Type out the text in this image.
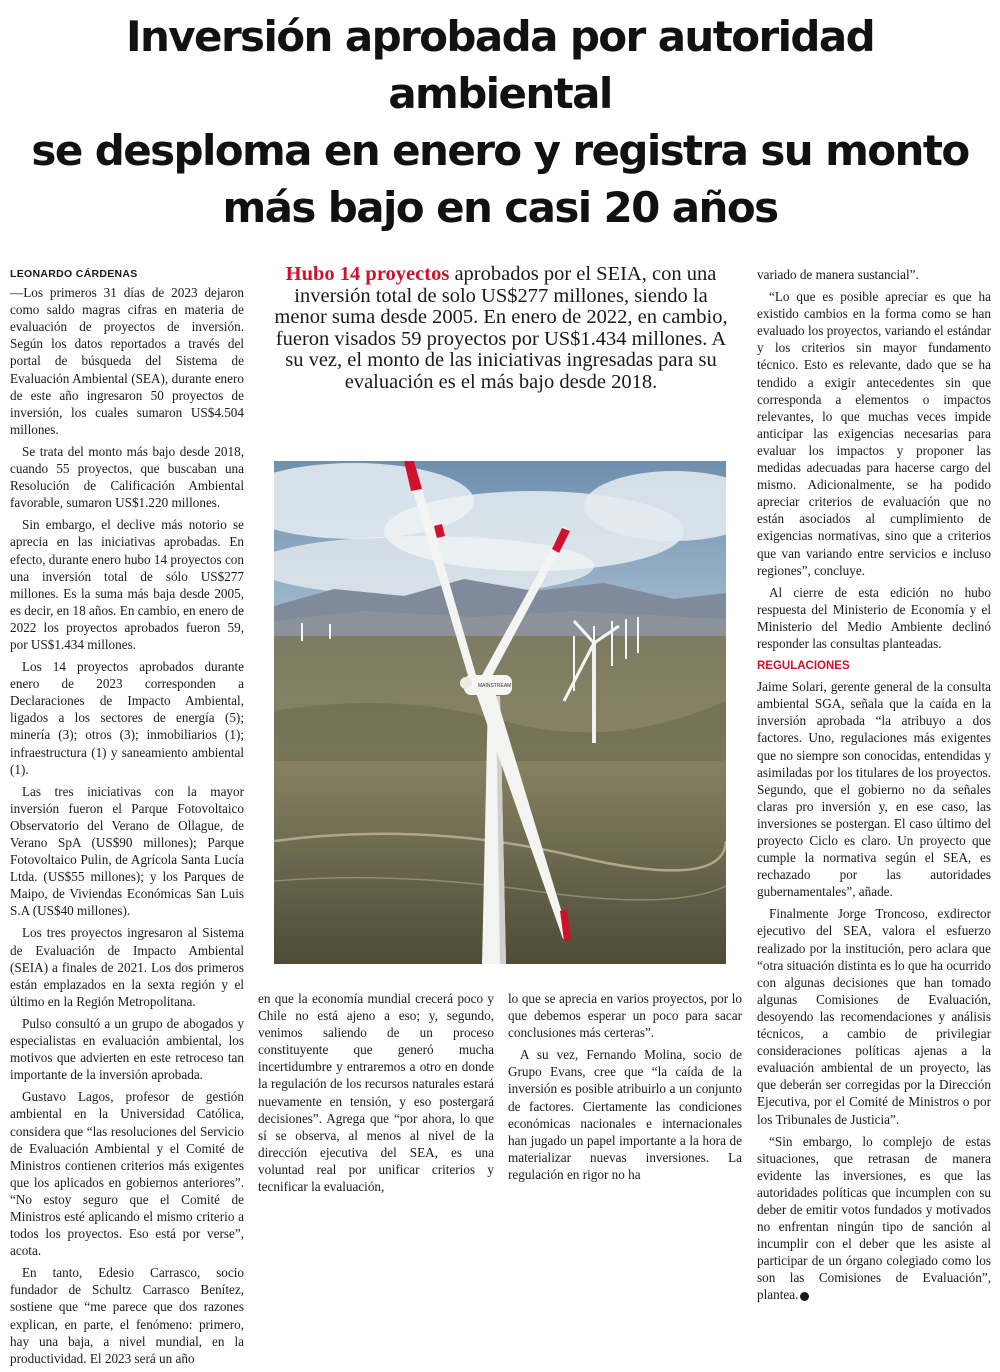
Inversión aprobada por autoridad ambiental
se desploma en enero y registra su monto
más bajo en casi 20 años
LEONARDO CÁRDENAS

—Los primeros 31 días de 2023 dejaron como saldo magras cifras en materia de evaluación de proyectos de inversión. Según los datos reportados a través del portal de búsqueda del Sistema de Evaluación Ambiental (SEA), durante enero de este año ingresaron 50 proyectos de inversión, los cuales sumaron US$4.504 millones.

Se trata del monto más bajo desde 2018, cuando 55 proyectos, que buscaban una Resolución de Calificación Ambiental favorable, sumaron US$1.220 millones.

Sin embargo, el declive más notorio se aprecia en las iniciativas aprobadas. En efecto, durante enero hubo 14 proyectos con una inversión total de sólo US$277 millones. Es la suma más baja desde 2005, es decir, en 18 años. En cambio, en enero de 2022 los proyectos aprobados fueron 59, por US$1.434 millones.

Los 14 proyectos aprobados durante enero de 2023 corresponden a Declaraciones de Impacto Ambiental, ligados a los sectores de energía (5); minería (3); otros (3); inmobiliarios (1); infraestructura (1) y saneamiento ambiental (1).

Las tres iniciativas con la mayor inversión fueron el Parque Fotovoltaico Observatorio del Verano de Ollague, de Verano SpA (US$90 millones); Parque Fotovoltaico Pulin, de Agrícola Santa Lucía Ltda. (US$55 millones); y los Parques de Maipo, de Viviendas Económicas San Luis S.A (US$40 millones).

Los tres proyectos ingresaron al Sistema de Evaluación de Impacto Ambiental (SEIA) a finales de 2021. Los dos primeros están emplazados en la sexta región y el último en la Región Metropolitana.

Pulso consultó a un grupo de abogados y especialistas en evaluación ambiental, los motivos que advierten en este retroceso tan importante de la inversión aprobada.

Gustavo Lagos, profesor de gestión ambiental en la Universidad Católica, considera que “las resoluciones del Servicio de Evaluación Ambiental y el Comité de Ministros contienen criterios más exigentes que los aplicados en gobiernos anteriores”. “No estoy seguro que el Comité de Ministros esté aplicando el mismo criterio a todos los proyectos. Eso está por verse”, acota.

En tanto, Edesio Carrasco, socio fundador de Schultz Carrasco Benítez, sostiene que “me parece que dos razones explican, en parte, el fenómeno: primero, hay una baja, a nivel mundial, en la productividad. El 2023 será un año

Hubo 14 proyectos aprobados por el SEIA, con una inversión total de solo US$277 millones, siendo la menor suma desde 2005. En enero de 2022, en cambio, fueron visados 59 proyectos por US$1.434 millones. A su vez, el monto de las iniciativas ingresadas para su evaluación es el más bajo desde 2018.
MAINSTREAM

en que la economía mundial crecerá poco y Chile no está ajeno a eso; y, segundo, venimos saliendo de un proceso constituyente que generó mucha incertidumbre y entraremos a otro en donde la regulación de los recursos naturales estará nuevamente en tensión, y eso postergará decisiones”. Agrega que “por ahora, lo que sí se observa, al menos al nivel de la dirección ejecutiva del SEA, es una voluntad real por unificar criterios y tecnificar la evaluación,

lo que se aprecia en varios proyectos, por lo que debemos esperar un poco para sacar conclusiones más certeras”.

A su vez, Fernando Molina, socio de Grupo Evans, cree que “la caída de la inversión es posible atribuirlo a un conjunto de factores. Ciertamente las condiciones económicas nacionales e internacionales han jugado un papel importante a la hora de materializar nuevas inversiones. La regulación en rigor no ha

variado de manera sustancial”.

“Lo que es posible apreciar es que ha existido cambios en la forma como se han evaluado los proyectos, variando el estándar y los criterios sin mayor fundamento técnico. Esto es relevante, dado que se ha tendido a exigir antecedentes sin que corresponda a elementos o impactos relevantes, lo que muchas veces impide anticipar las exigencias necesarias para evaluar los impactos y proponer las medidas adecuadas para hacerse cargo del mismo. Adicionalmente, se ha podido apreciar criterios de evaluación que no están asociados al cumplimiento de exigencias normativas, sino que a criterios que van variando entre servicios e incluso regiones”, concluye.

Al cierre de esta edición no hubo respuesta del Ministerio de Economía y el Ministerio del Medio Ambiente declinó responder las consultas planteadas.

REGULACIONES

Jaime Solari, gerente general de la consulta ambiental SGA, señala que la caída en la inversión aprobada “la atribuyo a dos factores. Uno, regulaciones más exigentes que no siempre son conocidas, entendidas y asimiladas por los titulares de los proyectos. Segundo, que el gobierno no da señales claras pro inversión y, en ese caso, las inversiones se postergan. El caso último del proyecto Ciclo es claro. Un proyecto que cumple la normativa según el SEA, es rechazado por las autoridades gubernamentales”, añade.

Finalmente Jorge Troncoso, exdirector ejecutivo del SEA, valora el esfuerzo realizado por la institución, pero aclara que “otra situación distinta es lo que ha ocurrido con algunas decisiones que han tomado algunas Comisiones de Evaluación, desoyendo las recomendaciones y análisis técnicos, a cambio de privilegiar consideraciones políticas ajenas a la evaluación ambiental de un proyecto, las que deberán ser corregidas por la Dirección Ejecutiva, por el Comité de Ministros o por los Tribunales de Justicia”.

“Sin embargo, lo complejo de estas situaciones, que retrasan de manera evidente las inversiones, es que las autoridades políticas que incumplen con su deber de emitir votos fundados y motivados no enfrentan ningún tipo de sanción al incumplir con el deber que les asiste al participar de un órgano colegiado como los son las Comisiones de Evaluación”, plantea.
